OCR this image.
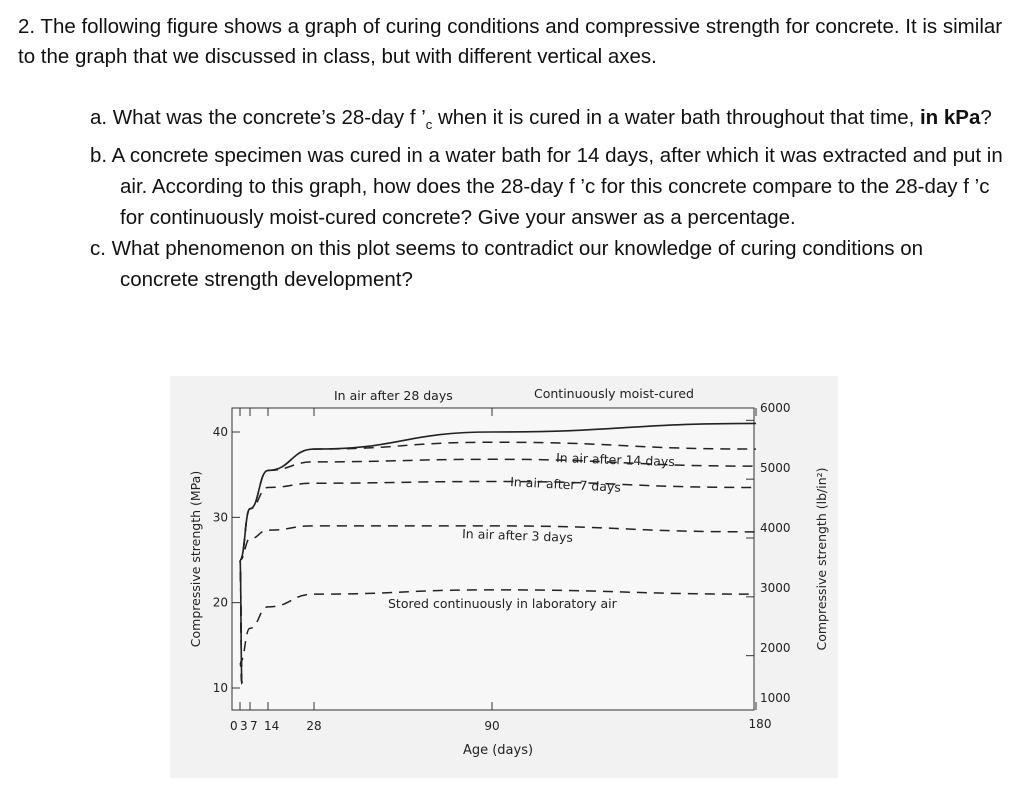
2. The following figure shows a graph of curing conditions and compressive strength for concrete. It is similar to the graph that we discussed in class, but with different vertical axes.
a. What was the concrete’s 28-day f $’_c$ when it is cured in a water bath throughout that time, in kPa?
b. A concrete specimen was cured in a water bath for 14 days, after which it was extracted and put in air. According to this graph, how does the 28-day f ’c for this concrete compare to the 28-day f ’c for continuously moist-cured concrete? Give your answer as a percentage.
c. What phenomenon on this plot seems to contradict our knowledge of curing conditions on concrete strength development?
10
20
30
40
1000
2000
3000
4000
5000
6000
0 3 7 14 28	90	180
Continuously moist-cured
In air after 28 days
In air after 14 days
In air after 7 days
In air after 3 days
Stored continuously in laboratory air
Age (days)
Compressive strength (MPa)	Compressive strength (lb/in²)
